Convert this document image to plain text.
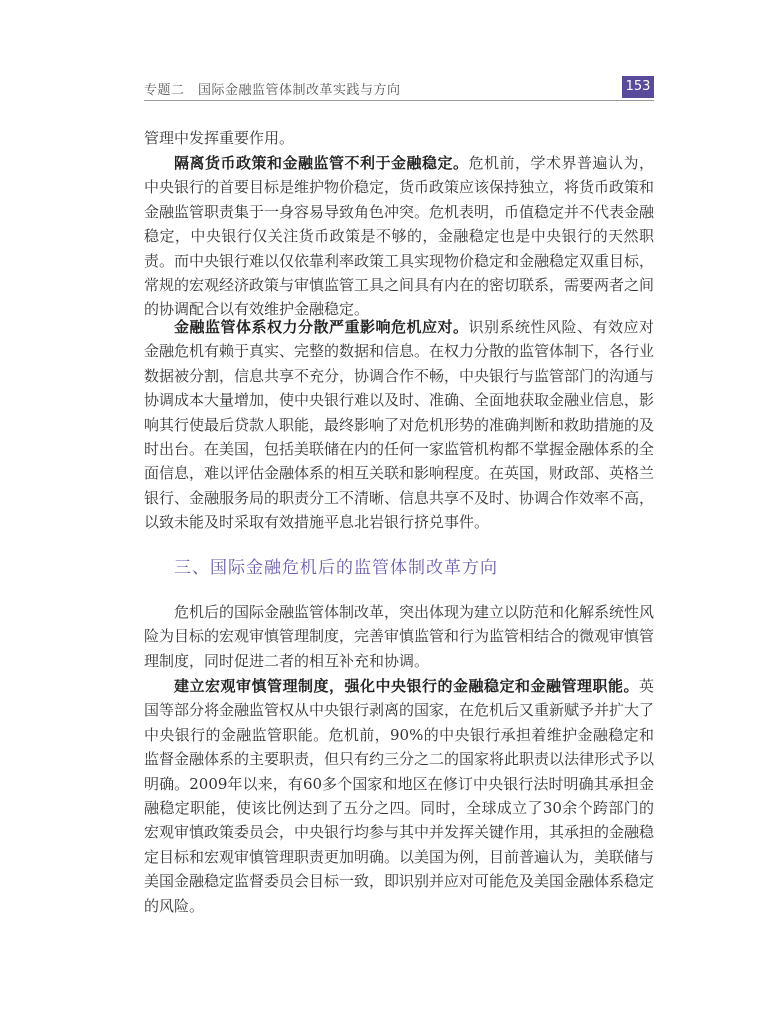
专题二　国际金融监管体制改革实践与方向	153

管理中发挥重要作用。

隔离货币政策和金融监管不利于金融稳定。危机前，学术界普遍认为，中央银行的首要目标是维护物价稳定，货币政策应该保持独立，将货币政策和金融监管职责集于一身容易导致角色冲突。危机表明，币值稳定并不代表金融稳定，中央银行仅关注货币政策是不够的，金融稳定也是中央银行的天然职责。而中央银行难以仅依靠利率政策工具实现物价稳定和金融稳定双重目标，常规的宏观经济政策与审慎监管工具之间具有内在的密切联系，需要两者之间的协调配合以有效维护金融稳定。

金融监管体系权力分散严重影响危机应对。识别系统性风险、有效应对金融危机有赖于真实、完整的数据和信息。在权力分散的监管体制下，各行业数据被分割，信息共享不充分，协调合作不畅，中央银行与监管部门的沟通与协调成本大量增加，使中央银行难以及时、准确、全面地获取金融业信息，影响其行使最后贷款人职能，最终影响了对危机形势的准确判断和救助措施的及时出台。在美国，包括美联储在内的任何一家监管机构都不掌握金融体系的全面信息，难以评估金融体系的相互关联和影响程度。在英国，财政部、英格兰银行、金融服务局的职责分工不清晰、信息共享不及时、协调合作效率不高，以致未能及时采取有效措施平息北岩银行挤兑事件。

三、国际金融危机后的监管体制改革方向

危机后的国际金融监管体制改革，突出体现为建立以防范和化解系统性风险为目标的宏观审慎管理制度，完善审慎监管和行为监管相结合的微观审慎管理制度，同时促进二者的相互补充和协调。

建立宏观审慎管理制度，强化中央银行的金融稳定和金融管理职能。英国等部分将金融监管权从中央银行剥离的国家，在危机后又重新赋予并扩大了中央银行的金融监管职能。危机前，90%的中央银行承担着维护金融稳定和监督金融体系的主要职责，但只有约三分之二的国家将此职责以法律形式予以明确。2009年以来，有60多个国家和地区在修订中央银行法时明确其承担金融稳定职能，使该比例达到了五分之四。同时，全球成立了30余个跨部门的宏观审慎政策委员会，中央银行均参与其中并发挥关键作用，其承担的金融稳定目标和宏观审慎管理职责更加明确。以美国为例，目前普遍认为，美联储与美国金融稳定监督委员会目标一致，即识别并应对可能危及美国金融体系稳定的风险。
